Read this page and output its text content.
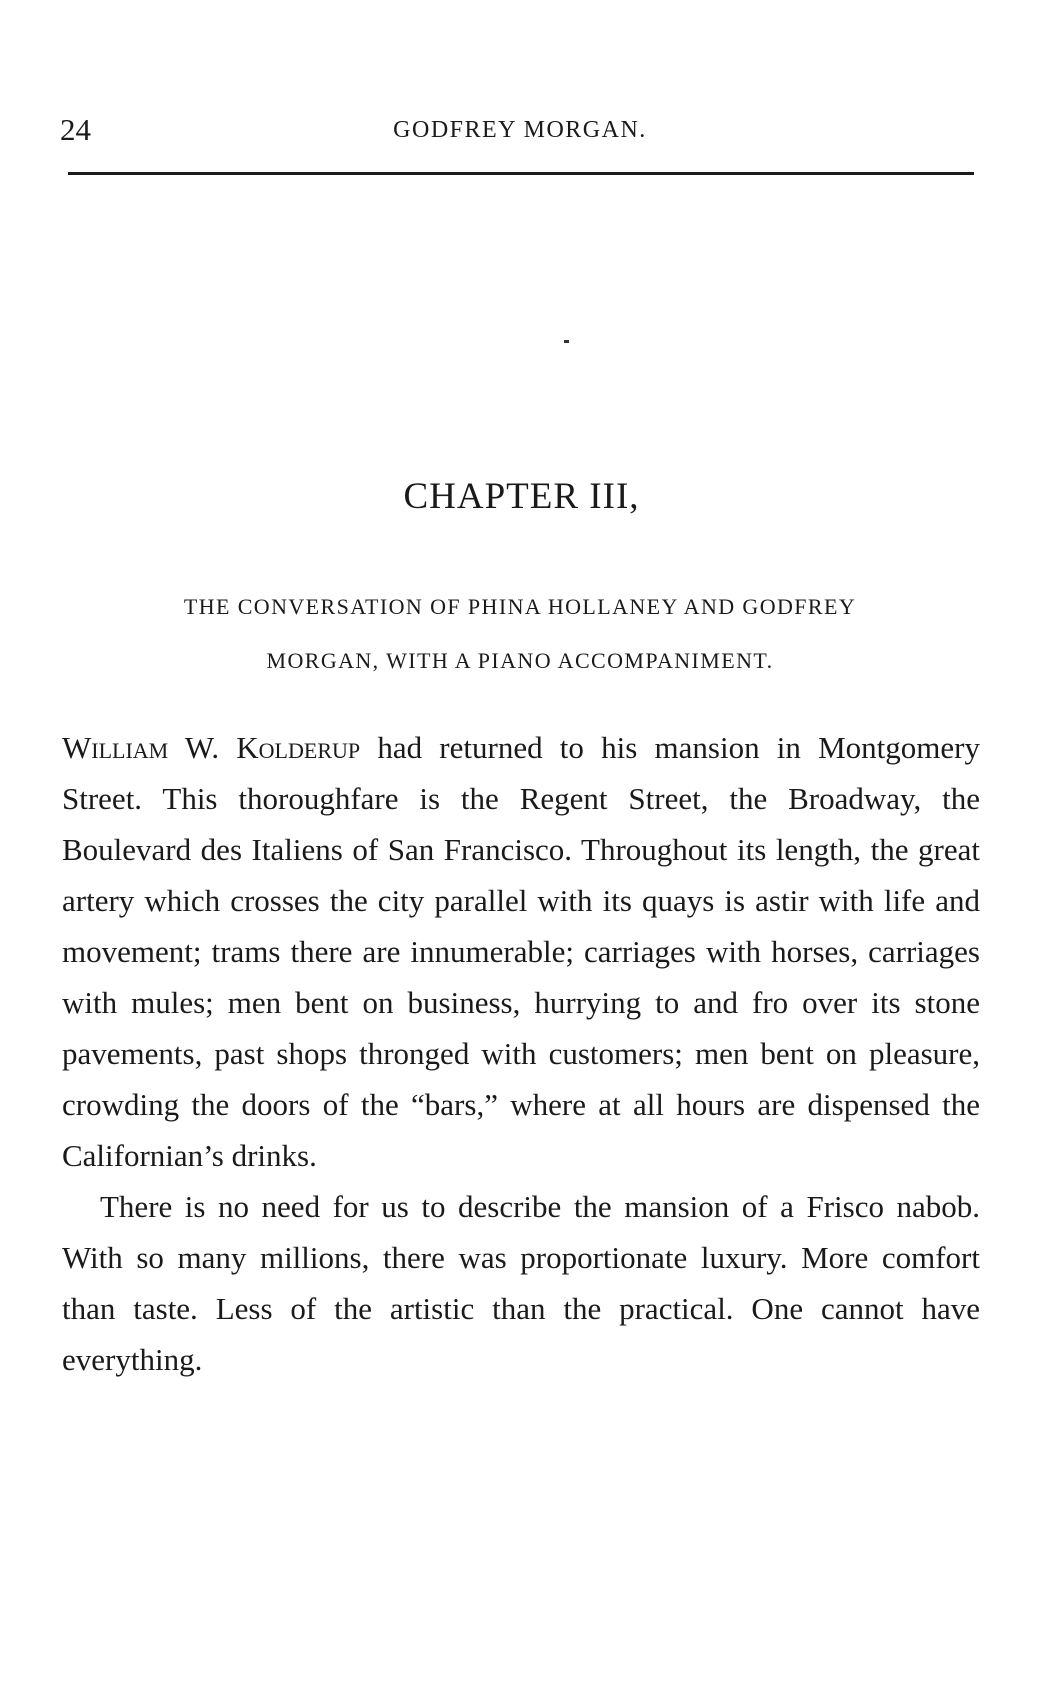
24	GODFREY MORGAN.
CHAPTER III,
THE CONVERSATION OF PHINA HOLLANEY AND GODFREY
MORGAN, WITH A PIANO ACCOMPANIMENT.

William W. Kolderup had returned to his mansion in Montgomery Street. This thoroughfare is the Regent Street, the Broadway, the Boulevard des Italiens of San Francisco. Throughout its length, the great artery which crosses the city parallel with its quays is astir with life and movement; trams there are innumerable; carriages with horses, carriages with mules; men bent on business, hurrying to and fro over its stone pavements, past shops thronged with customers; men bent on pleasure, crowding the doors of the “bars,” where at all hours are dispensed the Californian’s drinks.

There is no need for us to describe the mansion of a Frisco nabob. With so many millions, there was proportionate luxury. More comfort than taste. Less of the artistic than the practical. One cannot have everything.
